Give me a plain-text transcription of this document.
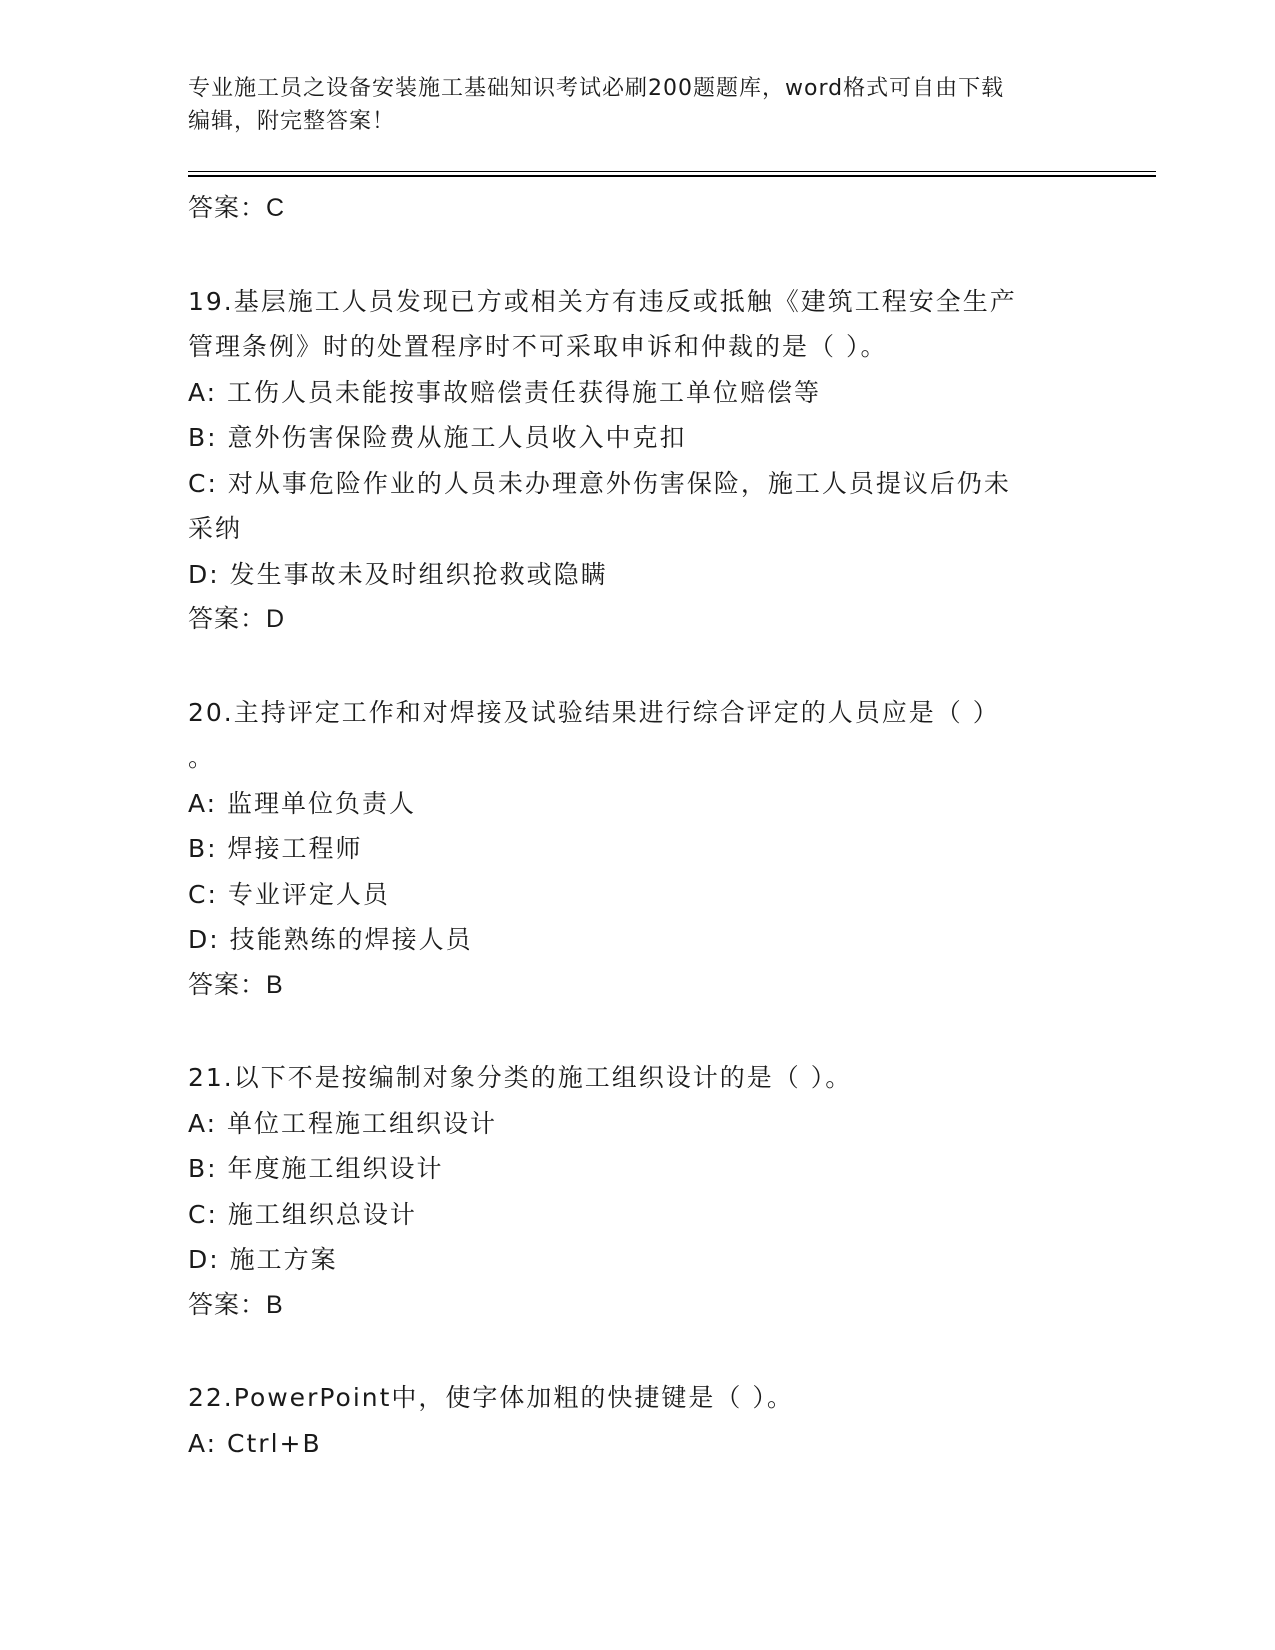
专业施工员之设备安装施工基础知识考试必刷200题题库，word格式可自由下载
编辑，附完整答案！
答案：C
19.基层施工人员发现已方或相关方有违反或抵触《建筑工程安全生产
管理条例》时的处置程序时不可采取申诉和仲裁的是（ ）。
A: 工伤人员未能按事故赔偿责任获得施工单位赔偿等
B: 意外伤害保险费从施工人员收入中克扣
C: 对从事危险作业的人员未办理意外伤害保险，施工人员提议后仍未
采纳
D: 发生事故未及时组织抢救或隐瞒
答案：D
20.主持评定工作和对焊接及试验结果进行综合评定的人员应是（ ）
。
A: 监理单位负责人
B: 焊接工程师
C: 专业评定人员
D: 技能熟练的焊接人员
答案：B
21.以下不是按编制对象分类的施工组织设计的是（ ）。
A: 单位工程施工组织设计
B: 年度施工组织设计
C: 施工组织总设计
D: 施工方案
答案：B
22.PowerPoint中，使字体加粗的快捷键是（ ）。
A: Ctrl+B
